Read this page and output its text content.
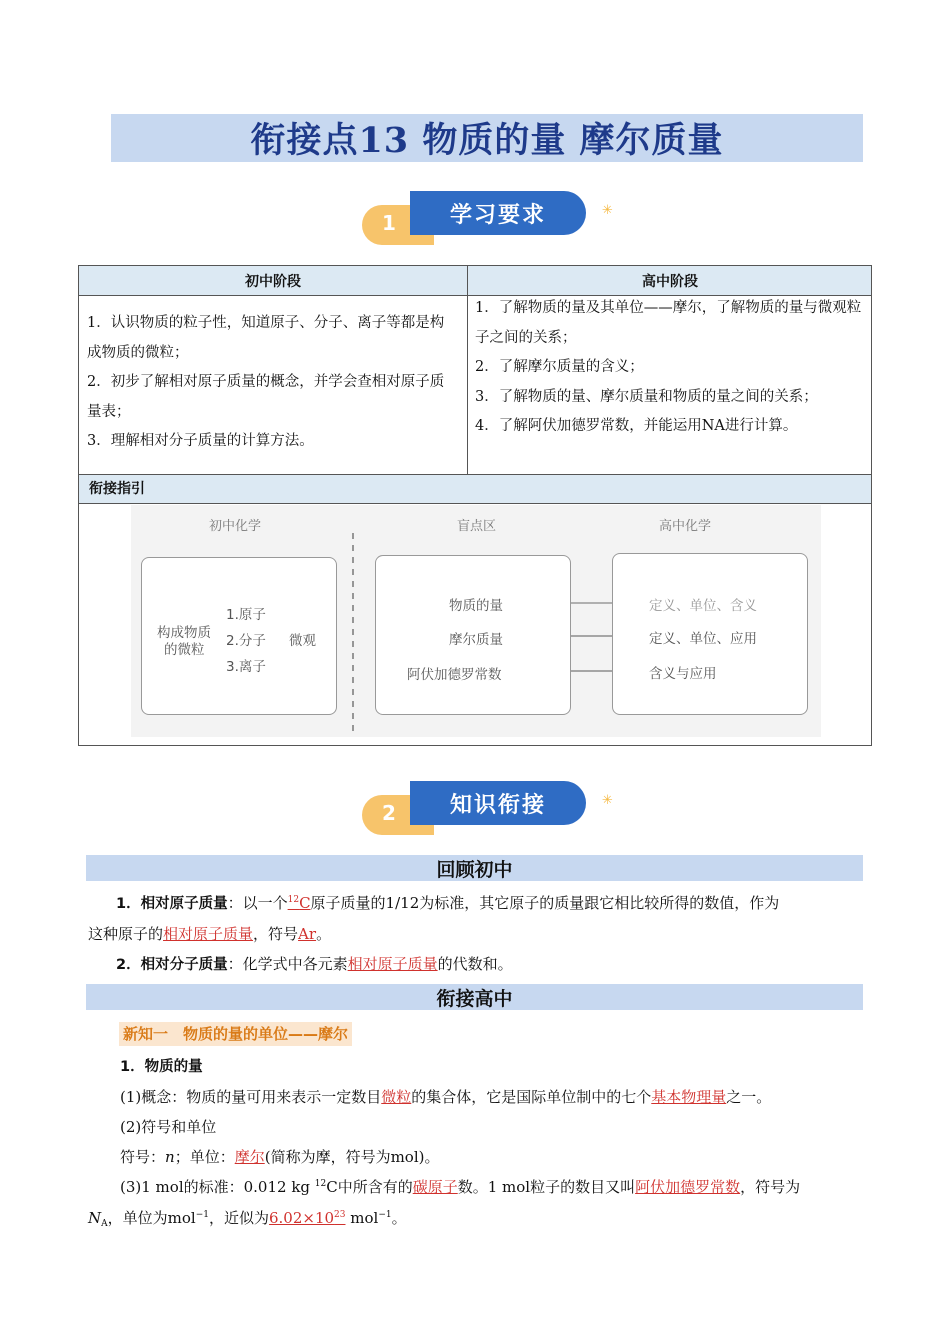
衔接点13 物质的量 摩尔质量
1	学习要求	✳
初中阶段	高中阶段

1．认识物质的粒子性，知道原子、分子、离子等都是构成物质的微粒；

2．初步了解相对原子质量的概念，并学会查相对原子质量表；

3．理解相对分子质量的计算方法。

1．了解物质的量及其单位——摩尔，了解物质的量与微观粒子之间的关系；

2．了解摩尔质量的含义；

3．了解物质的量、摩尔质量和物质的量之间的关系；

4．了解阿伏加德罗常数，并能运用NA进行计算。

衔接指引
初中化学	盲点区	高中化学
构成物质
的微粒
1.原子
2.分子
3.离子
微观
物质的量
摩尔质量
阿伏加德罗常数
定义、单位、含义
定义、单位、应用
含义与应用
2	知识衔接	✳
回顾初中
1．相对原子质量：以一个$^{12}$C原子质量的1/12为标准，其它原子的质量跟它相比较所得的数值，作为
这种原子的相对原子质量，符号Ar。
2．相对分子质量：化学式中各元素相对原子质量的代数和。
衔接高中
新知一　物质的量的单位——摩尔
1．物质的量
(1)概念：物质的量可用来表示一定数目微粒的集合体，它是国际单位制中的七个基本物理量之一。
(2)符号和单位
符号：n；单位：摩尔(简称为摩，符号为mol)。
(3)1 mol的标准：0.012 kg $^{12}$C中所含有的碳原子数。1 mol粒子的数目又叫阿伏加德罗常数，符号为
$N_A$，单位为mol$^{-1}$，近似为$6.02\times 10^{23}$ mol$^{-1}$。
